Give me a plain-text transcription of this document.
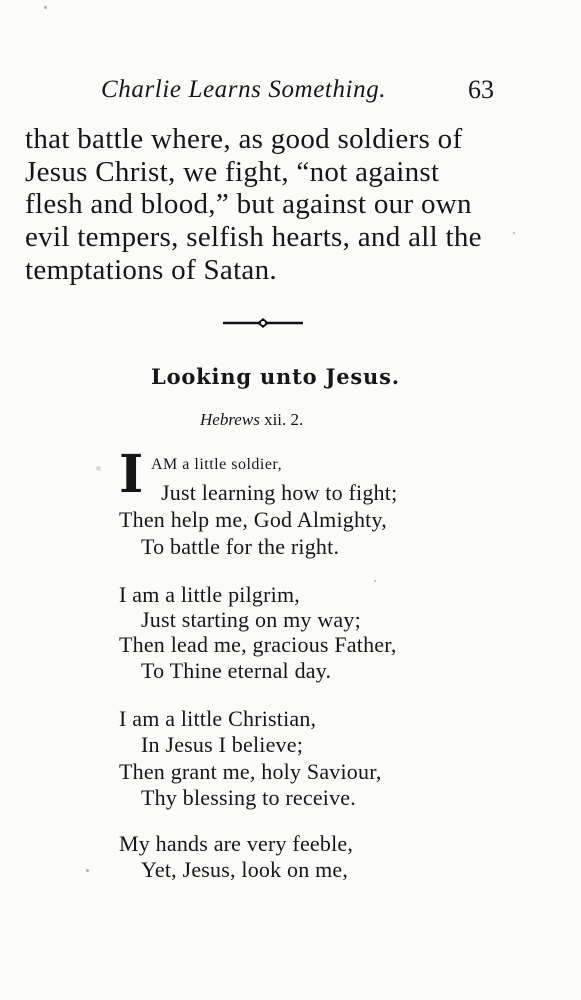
Charlie Learns Something.	63
that battle where, as good soldiers of
Jesus Christ, we fight, “not against
flesh and blood,” but against our own
evil tempers, selfish hearts, and all the
temptations of Satan.
Looking unto Jesus.
Hebrews xii. 2.
I AM a little soldier,
Just learning how to fight;
Then help me, God Almighty,
To battle for the right.
I am a little pilgrim,
Just starting on my way;
Then lead me, gracious Father,
To Thine eternal day.
I am a little Christian,
In Jesus I believe;
Then grant me, holy Saviour,
Thy blessing to receive.
My hands are very feeble,
Yet, Jesus, look on me,
